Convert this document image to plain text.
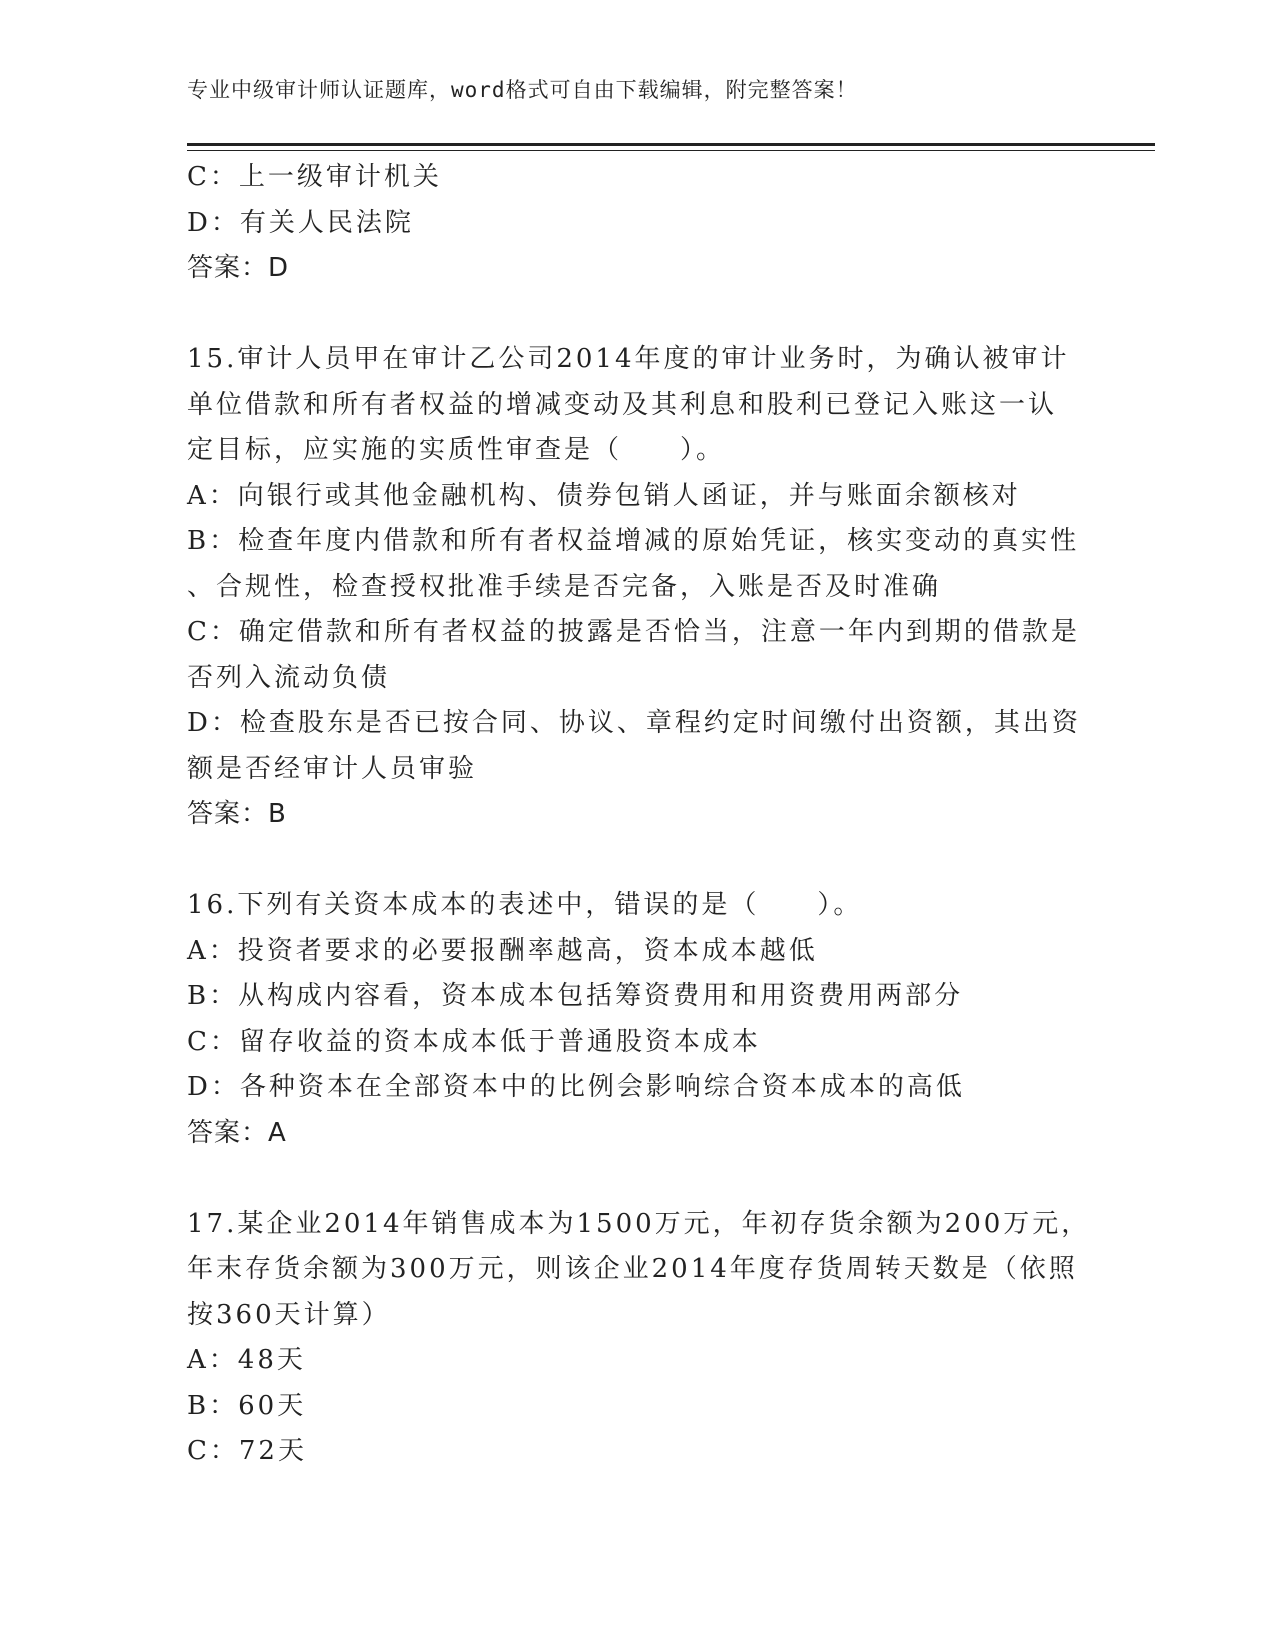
专业中级审计师认证题库，word格式可自由下载编辑，附完整答案！
C：上一级审计机关
D：有关人民法院
答案：D
15.审计人员甲在审计乙公司2014年度的审计业务时，为确认被审计
单位借款和所有者权益的增减变动及其利息和股利已登记入账这一认
定目标，应实施的实质性审查是（　　）。
A：向银行或其他金融机构、债券包销人函证，并与账面余额核对
B：检查年度内借款和所有者权益增减的原始凭证，核实变动的真实性
、合规性，检查授权批准手续是否完备，入账是否及时准确
C：确定借款和所有者权益的披露是否恰当，注意一年内到期的借款是
否列入流动负债
D：检查股东是否已按合同、协议、章程约定时间缴付出资额，其出资
额是否经审计人员审验
答案：B
16.下列有关资本成本的表述中，错误的是（　　）。
A：投资者要求的必要报酬率越高，资本成本越低
B：从构成内容看，资本成本包括筹资费用和用资费用两部分
C：留存收益的资本成本低于普通股资本成本
D：各种资本在全部资本中的比例会影响综合资本成本的高低
答案：A
17.某企业2014年销售成本为1500万元，年初存货余额为200万元，
年末存货余额为300万元，则该企业2014年度存货周转天数是（依照
按360天计算）
A：48天
B：60天
C：72天
